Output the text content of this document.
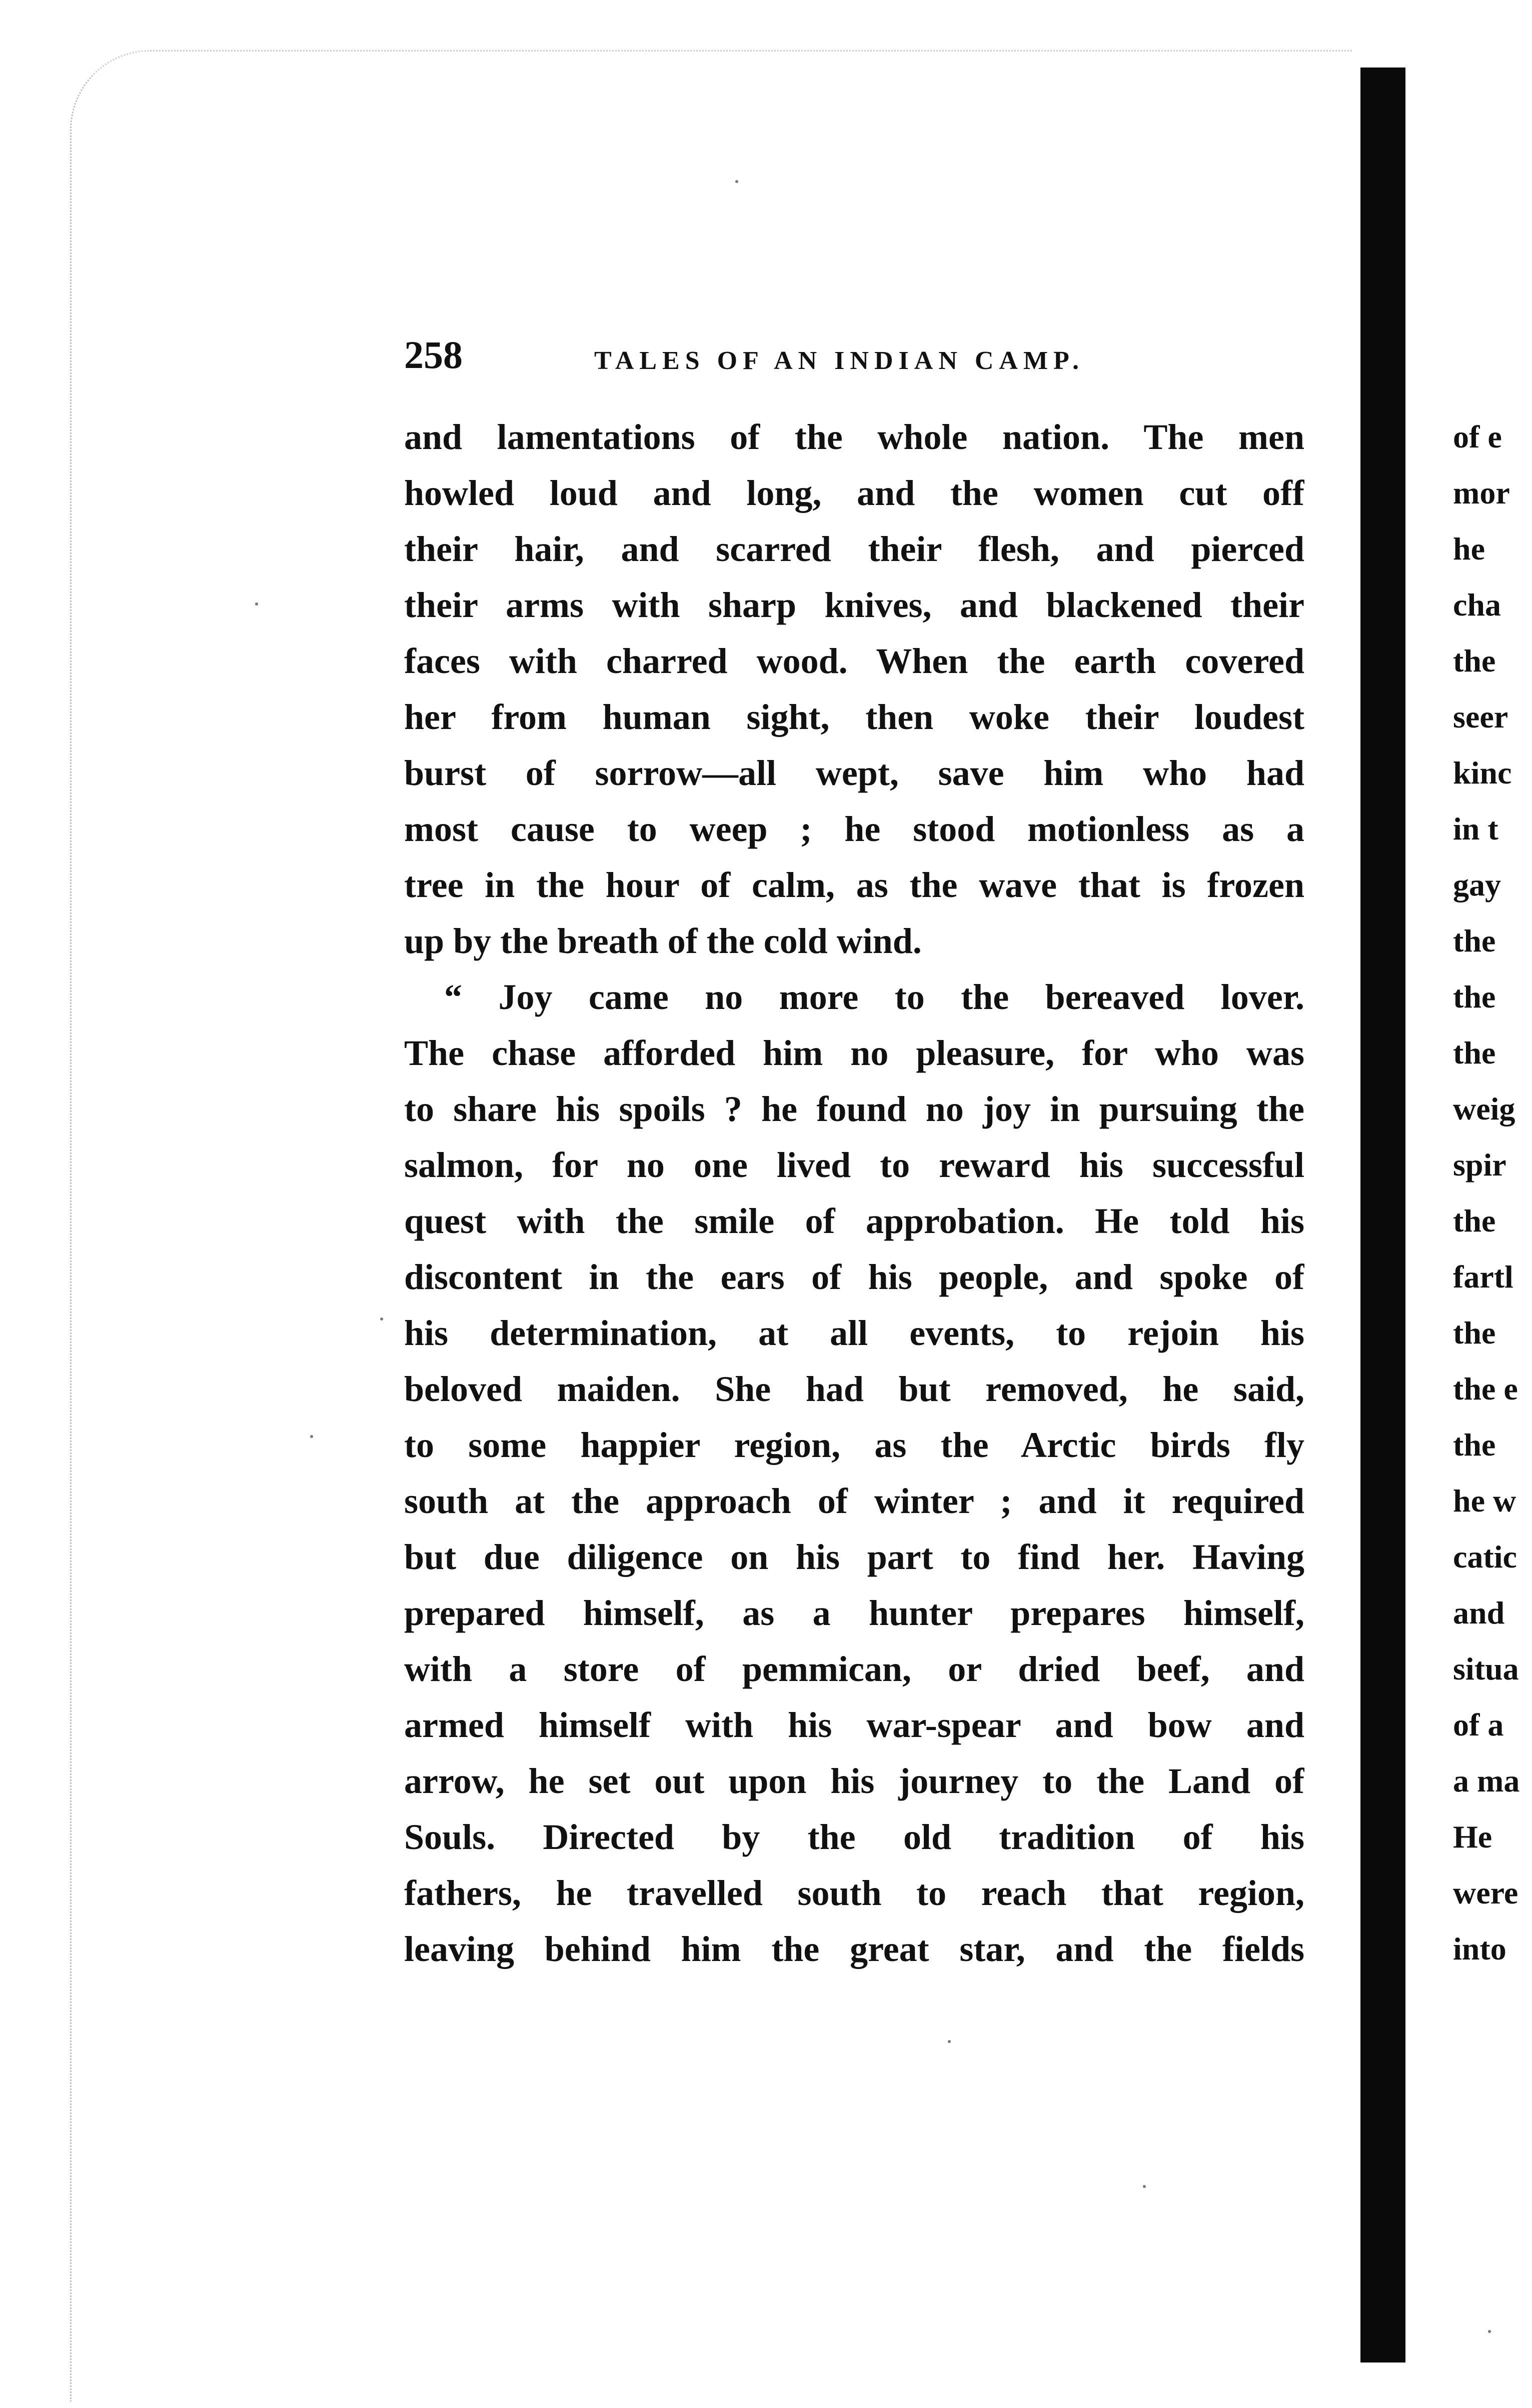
258	TALES OF AN INDIAN CAMP.
and lamentations of the whole nation. The men
howled loud and long, and the women cut off
their hair, and scarred their flesh, and pierced
their arms with sharp knives, and blackened their
faces with charred wood. When the earth covered
her from human sight, then woke their loudest
burst of sorrow—all wept, save him who had
most cause to weep ; he stood motionless as a
tree in the hour of calm, as the wave that is frozen
up by the breath of the cold wind.
“ Joy came no more to the bereaved lover.
The chase afforded him no pleasure, for who was
to share his spoils ? he found no joy in pursuing the
salmon, for no one lived to reward his successful
quest with the smile of approbation. He told his
discontent in the ears of his people, and spoke of
his determination, at all events, to rejoin his
beloved maiden. She had but removed, he said,
to some happier region, as the Arctic birds fly
south at the approach of winter ; and it required
but due diligence on his part to find her. Having
prepared himself, as a hunter prepares himself,
with a store of pemmican, or dried beef, and
armed himself with his war-spear and bow and
arrow, he set out upon his journey to the Land of
Souls. Directed by the old tradition of his
fathers, he travelled south to reach that region,
leaving behind him the great star, and the fields
of e
mor
he
cha
the
seer
kinc
in t
gay
the
the
the
weig
spir
the
fartl
the
the e
the
he w
catic
and
situa
of a
a ma
He
were
into
